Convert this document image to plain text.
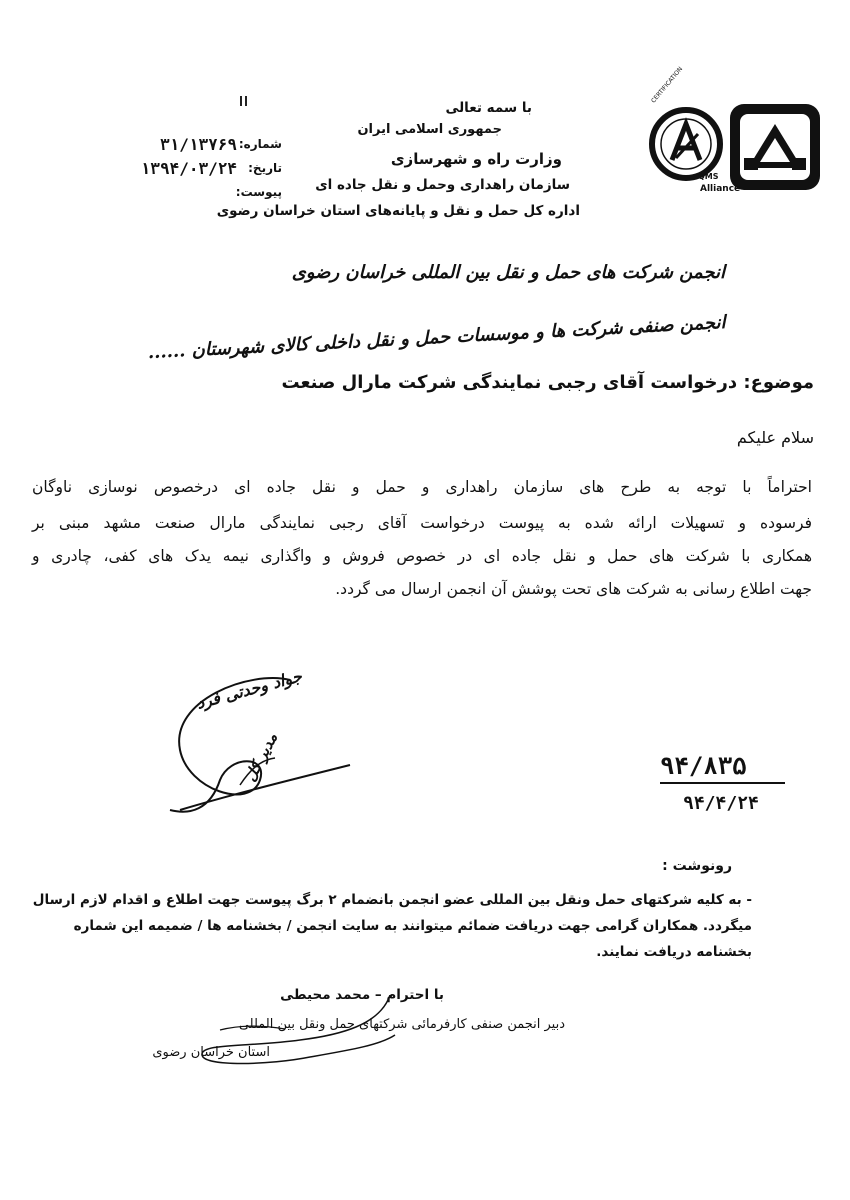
با سمه تعالی
جمهوری اسلامی ایران
وزارت راه و شهرسازی
سازمان راهداری وحمل و نقل جاده ای
اداره کل حمل و نقل و پایانه‌های استان خراسان رضوی
شماره:
۳۱/۱۳۷۶۹
تاریخ:
۱۳۹۴/۰۳/۲۴
پیوست:
CERTIFICATION
QMS
Alliance
انجمن شرکت های حمل و نقل بین المللی خراسان رضوی
انجمن صنفی شرکت ها و موسسات حمل و نقل داخلی کالای شهرستان ......
موضوع: درخواست آقای رجبی نمایندگی شرکت مارال صنعت
سلام علیکم
احتراماً با توجه به طرح های سازمان راهداری و حمل و نقل جاده ای درخصوص نوسازی ناوگان
فرسوده و تسهیلات ارائه شده به پیوست درخواست آقای رجبی نمایندگی مارال صنعت مشهد مبنی بر
همکاری با شرکت های حمل و نقل جاده ای در خصوص فروش و واگذاری نیمه یدک های کفی، چادری و
جهت اطلاع رسانی به شرکت های تحت پوشش آن انجمن ارسال می گردد.
جواد وحدتی فرد
مدیر کل	۹۴/۸۳۵
۹۴/۴/۲۴
رونوشت :
- به کلیه شرکتهای حمل ونقل بین المللی عضو انجمن بانضمام ۲ برگ پیوست جهت اطلاع و اقدام لازم ارسال
میگردد. همکاران گرامی جهت دریافت ضمائم میتوانند به سایت انجمن / بخشنامه ها / ضمیمه این شماره
بخشنامه دریافت نمایند.
با احترام – محمد محیطی
دبیر انجمن صنفی کارفرمائی شرکتهای حمل ونقل بین المللی
استان خراسان رضوی
